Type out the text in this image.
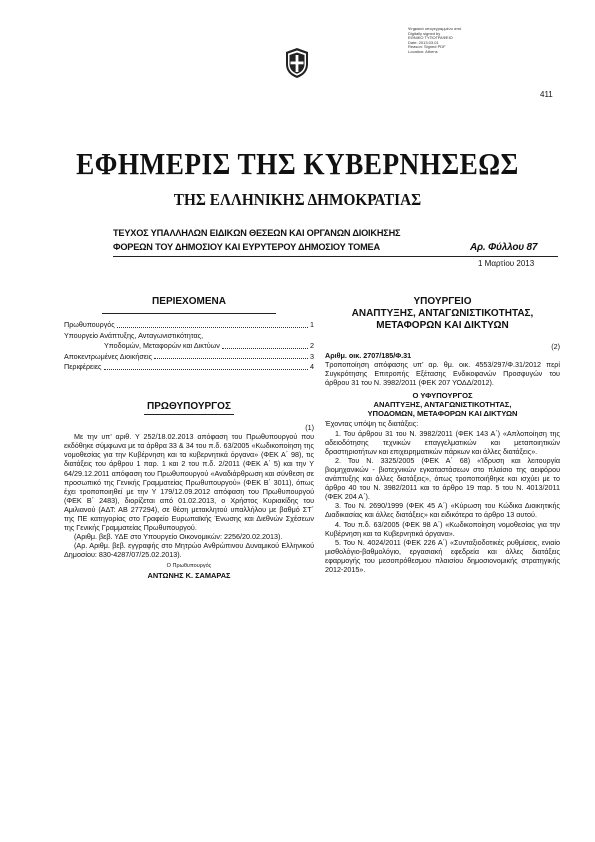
Ψηφιακά υπογεγραμμένο από
Digitally signed by
ΕΘΝΙΚΟ ΤΥΠΟΓΡΑΦΕΙΟ
Date: 2013.03.01
Reason: Signed PDF
Location: Athens
411
ΕΦΗΜΕΡΙΣ ΤΗΣ ΚΥΒΕΡΝΗΣΕΩΣ
ΤΗΣ ΕΛΛΗΝΙΚΗΣ ΔΗΜΟΚΡΑΤΙΑΣ
ΤΕΥΧΟΣ ΥΠΑΛΛΗΛΩΝ ΕΙΔΙΚΩΝ ΘΕΣΕΩΝ ΚΑΙ ΟΡΓΑΝΩΝ ΔΙΟΙΚΗΣΗΣ
ΦΟΡΕΩΝ ΤΟΥ ΔΗΜΟΣΙΟΥ ΚΑΙ ΕΥΡΥΤΕΡΟΥ ΔΗΜΟΣΙΟΥ ΤΟΜΕΑ	Αρ. Φύλλου 87
1 Μαρτίου 2013
ΠΕΡΙΕΧΟΜΕΝΑ
Πρωθυπουργός	1
Υπουργείο Ανάπτυξης, Ανταγωνιστικότητας,
Υποδομών, Μεταφορών και Δικτύων	2
Αποκεντρωμένες Διοικήσεις	3
Περιφέρειες	4
ΠΡΩΘΥΠΟΥΡΓΟΣ
(1)

Με την υπ’ αριθ. Υ 252/18.02.2013 απόφαση του Πρωθυπουργού που εκδόθηκε σύμφωνα με τα άρθρα 33 & 34 του π.δ. 63/2005 «Κωδικοποίηση της νομοθεσίας για την Κυβέρνηση και τα κυβερνητικά όργανα» (ΦΕΚ Α΄ 98), τις διατάξεις του άρθρου 1 παρ. 1 και 2 του π.δ. 2/2011 (ΦΕΚ Α΄ 5) και την Υ 64/29.12.2011 απόφαση του Πρωθυπουργού «Αναδιάρθρωση και σύνθεση σε προσωπικό της Γενικής Γραμματείας Πρωθυπουργού» (ΦΕΚ Β΄ 3011), όπως έχει τροποποιηθεί με την Υ 179/12.09.2012 απόφαση του Πρωθυπουργού (ΦΕΚ Β΄ 2483), διορίζεται από 01.02.2013, ο Χρήστος Κυριακίδης του Αμιλιανού (ΑΔΤ: ΑΒ 277294), σε θέση μετακλητού υπαλλήλου με βαθμό ΣΤ΄ της ΠΕ κατηγορίας στο Γραφείο Ευρωπαϊκής Ένωσης και Διεθνών Σχέσεων της Γενικής Γραμματείας Πρωθυπουργού.

(Αριθμ. βεβ. ΥΔΕ στο Υπουργείο Οικονομικών: 2256/20.02.2013).

(Αρ. Αριθμ. βεβ. εγγραφής στο Μητρώο Ανθρώπινου Δυναμικού Ελληνικού Δημοσίου: 830-4287/07/25.02.2013).

Ο Πρωθυπουργός
ΑΝΤΩΝΗΣ Κ. ΣΑΜΑΡΑΣ
ΥΠΟΥΡΓΕΙΟ
ΑΝΑΠΤΥΞΗΣ, ΑΝΤΑΓΩΝΙΣΤΙΚΟΤΗΤΑΣ,
ΜΕΤΑΦΟΡΩΝ ΚΑΙ ΔΙΚΤΥΩΝ
(2)
Αριθμ. οικ. 2707/185/Φ.31

Τροποποίηση απόφασης υπ’ αρ. θμ. οικ. 4553/297/Φ.31/2012 περί Συγκρότησης Επιτροπής Εξέτασης Ενδικοφανών Προσφυγών του άρθρου 31 του Ν. 3982/2011 (ΦΕΚ 207 ΥΟΔΔ/2012).

Ο ΥΦΥΠΟΥΡΓΟΣ
ΑΝΑΠΤΥΞΗΣ, ΑΝΤΑΓΩΝΙΣΤΙΚΟΤΗΤΑΣ,
ΥΠΟΔΟΜΩΝ, ΜΕΤΑΦΟΡΩΝ ΚΑΙ ΔΙΚΤΥΩΝ

Έχοντας υπόψη τις διατάξεις:

1. Του άρθρου 31 του Ν. 3982/2011 (ΦΕΚ 143 Α΄) «Απλοποίηση της αδειοδότησης τεχνικών επαγγελματικών και μεταποιητικών δραστηριοτήτων και επιχειρηματικών πάρκων και άλλες διατάξεις».

2. Του Ν. 3325/2005 (ΦΕΚ Α΄ 68) «Ίδρυση και λειτουργία βιομηχανικών - βιοτεχνικών εγκαταστάσεων στο πλαίσιο της αειφόρου ανάπτυξης και άλλες διατάξεις», όπως τροποποιήθηκε και ισχύει με το άρθρο 40 του Ν. 3982/2011 και το άρθρο 19 παρ. 5 του Ν. 4013/2011 (ΦΕΚ 204 Α΄).

3. Του Ν. 2690/1999 (ΦΕΚ 45 Α΄) «Κύρωση του Κώδικα Διοικητικής Διαδικασίας και άλλες διατάξεις» και ειδικότερα το άρθρο 13 αυτού.

4. Του π.δ. 63/2005 (ΦΕΚ 98 Α΄) «Κωδικοποίηση νομοθεσίας για την Κυβέρνηση και τα Κυβερνητικά όργανα».

5. Του Ν. 4024/2011 (ΦΕΚ 226 Α΄) «Συνταξιοδοτικές ρυθμίσεις, ενιαίο μισθολόγιο-βαθμολόγιο, εργασιακή εφεδρεία και άλλες διατάξεις εφαρμογής του μεσοπρόθεσμου πλαισίου δημοσιονομικής στρατηγικής 2012-2015».
